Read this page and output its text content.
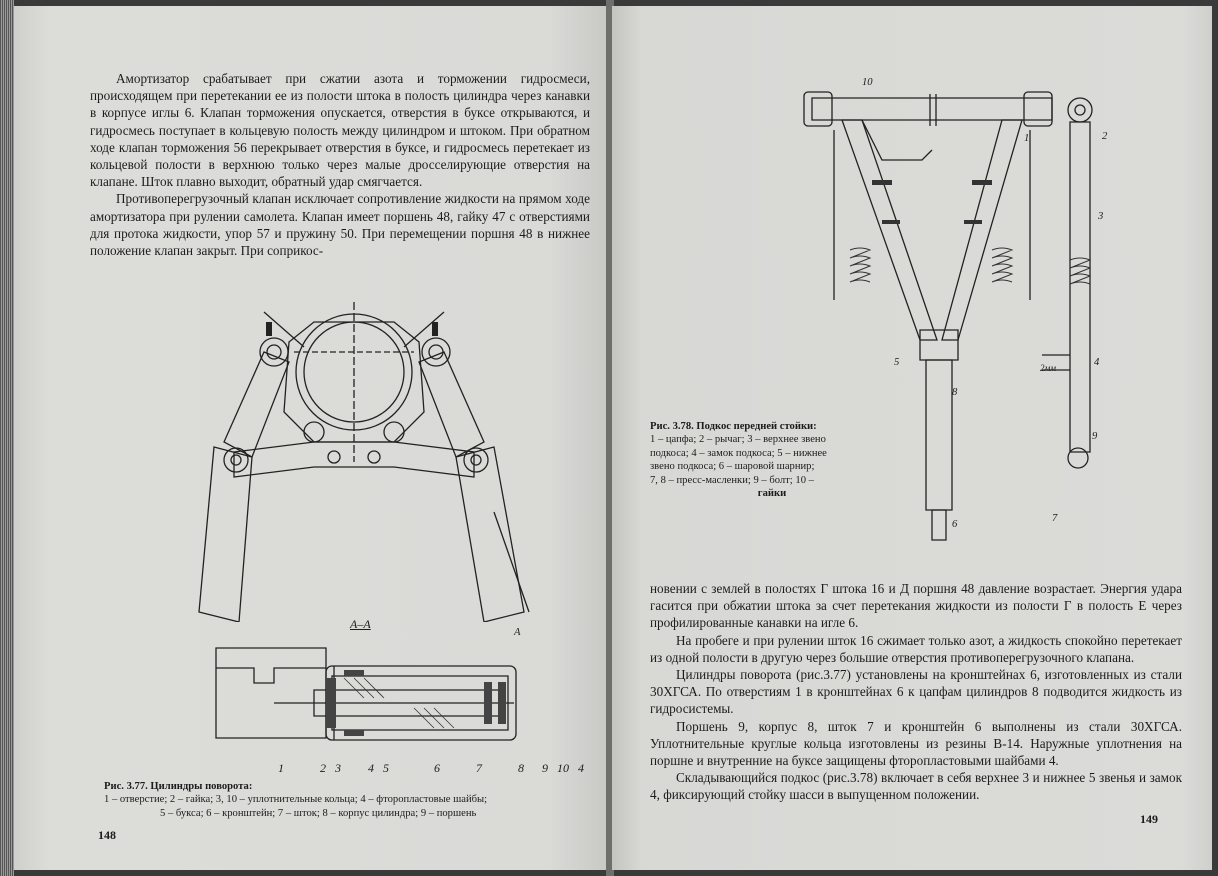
Амортизатор срабатывает при сжатии азота и торможении гидросмеси, происходящем при перетекании ее из полости штока в полость цилиндра через канавки в корпусе иглы 6. Клапан торможения опускается, отверстия в буксе открываются, и гидросмесь поступает в кольцевую полость между цилиндром и штоком. При обратном ходе клапан торможения 56 перекрывает отверстия в буксе, и гидросмесь перетекает из кольцевой полости в верхнюю только через малые дросселирующие отверстия на клапане. Шток плавно выходит, обратный удар смягчается.

Противоперегрузочный клапан исключает сопротивление жидкости на прямом ходе амортизатора при рулении самолета. Клапан имеет поршень 48, гайку 47 с отверстиями для протока жидкости, упор 57 и пружину 50. При перемещении поршня 48 в нижнее положение клапан закрыт. При соприкос-

А
А–А
1	2 3 4 5	6	7	8 9 10 4
Рис. 3.77. Цилиндры поворота:
1 – отверстие; 2 – гайка; 3, 10 – уплотнительные кольца; 4 – фторопластовые шайбы;
5 – букса; 6 – кронштейн; 7 – шток; 8 – корпус цилиндра; 9 – поршень
148
10
1	2
3
5
8
4
2мм
9
7
6
Рис. 3.78. Подкос передней стойки:
1 – цапфа; 2 – рычаг; 3 – верхнее звено
подкоса; 4 – замок подкоса; 5 – нижнее
звено подкоса; 6 – шаровой шарнир;
7, 8 – пресс-масленки; 9 – болт; 10 –
гайки

новении с землей в полостях Г штока 16 и Д поршня 48 давление возрастает. Энергия удара гасится при обжатии штока за счет перетекания жидкости из полости Г в полость Е через профилированные канавки на игле 6.

На пробеге и при рулении шток 16 сжимает только азот, а жидкость спокойно перетекает из одной полости в другую через большие отверстия противоперегрузочного клапана.

Цилиндры поворота (рис.3.77) установлены на кронштейнах 6, изготовленных из стали 30ХГСА. По отверстиям 1 в кронштейнах 6 к цапфам цилиндров 8 подводится жидкость из гидросистемы.

Поршень 9, корпус 8, шток 7 и кронштейн 6 выполнены из стали 30ХГСА. Уплотнительные круглые кольца изготовлены из резины В-14. Наружные уплотнения на поршне и внутренние на буксе защищены фторопластовыми шайбами 4.

Складывающийся подкос (рис.3.78) включает в себя верхнее 3 и нижнее 5 звенья и замок 4, фиксирующий стойку шасси в выпущенном положении.

149
